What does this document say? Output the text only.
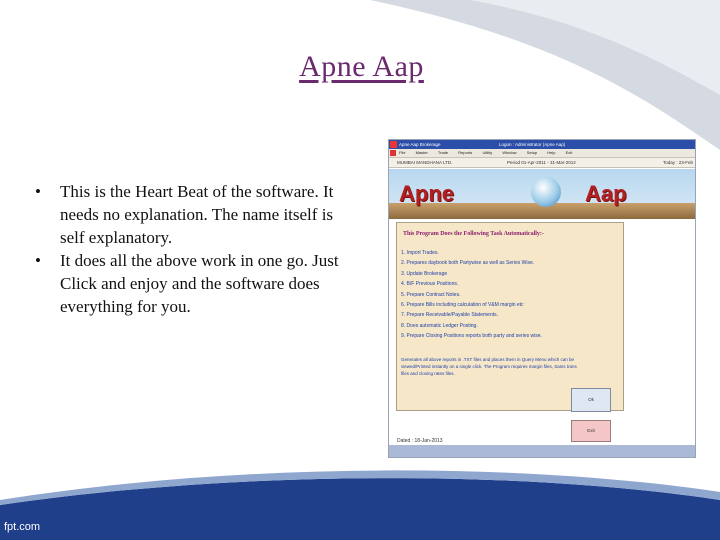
Apne Aap
•	This is the Heart Beat of the software. It needs no explanation. The name itself is self explanatory.
•	It does all the above work in one go. Just Click and enjoy and the software does everything for you.
Apne Aap Brokerage	Logon : Administrator (Apne Aap)
File	Master	Trade	Reports	Utility	Window	Setup	Help	Exit
MUMBAI MANDHANA LTD.	Period 01-Apr-2011 - 31-Mar-2012	Today : 23-Feb
Apne	Aap
This Program Does the Following Task Automatically:-
1. Import Trades.
2. Prepares daybook both Partywise as well as Series Wise.
3. Update Brokerage
4. B/F Previous Positions.
5. Prepare Contract Notes.
6. Prepare Bills including calculation of V&M margin etc
7. Prepare Receivable/Payable Statements.
8. Does automatic Ledger Posting.
9. Prepare Closing Positions reports both party and series wise.
Generates all above reports in .TXT files and places them in Query Menu which can be viewed/Printed instantly on a single click. The Program requires margin files, Sanis trans files and closing rates files.
Ok
Exit
Dated : 18-Jan-2013
fpt.com
